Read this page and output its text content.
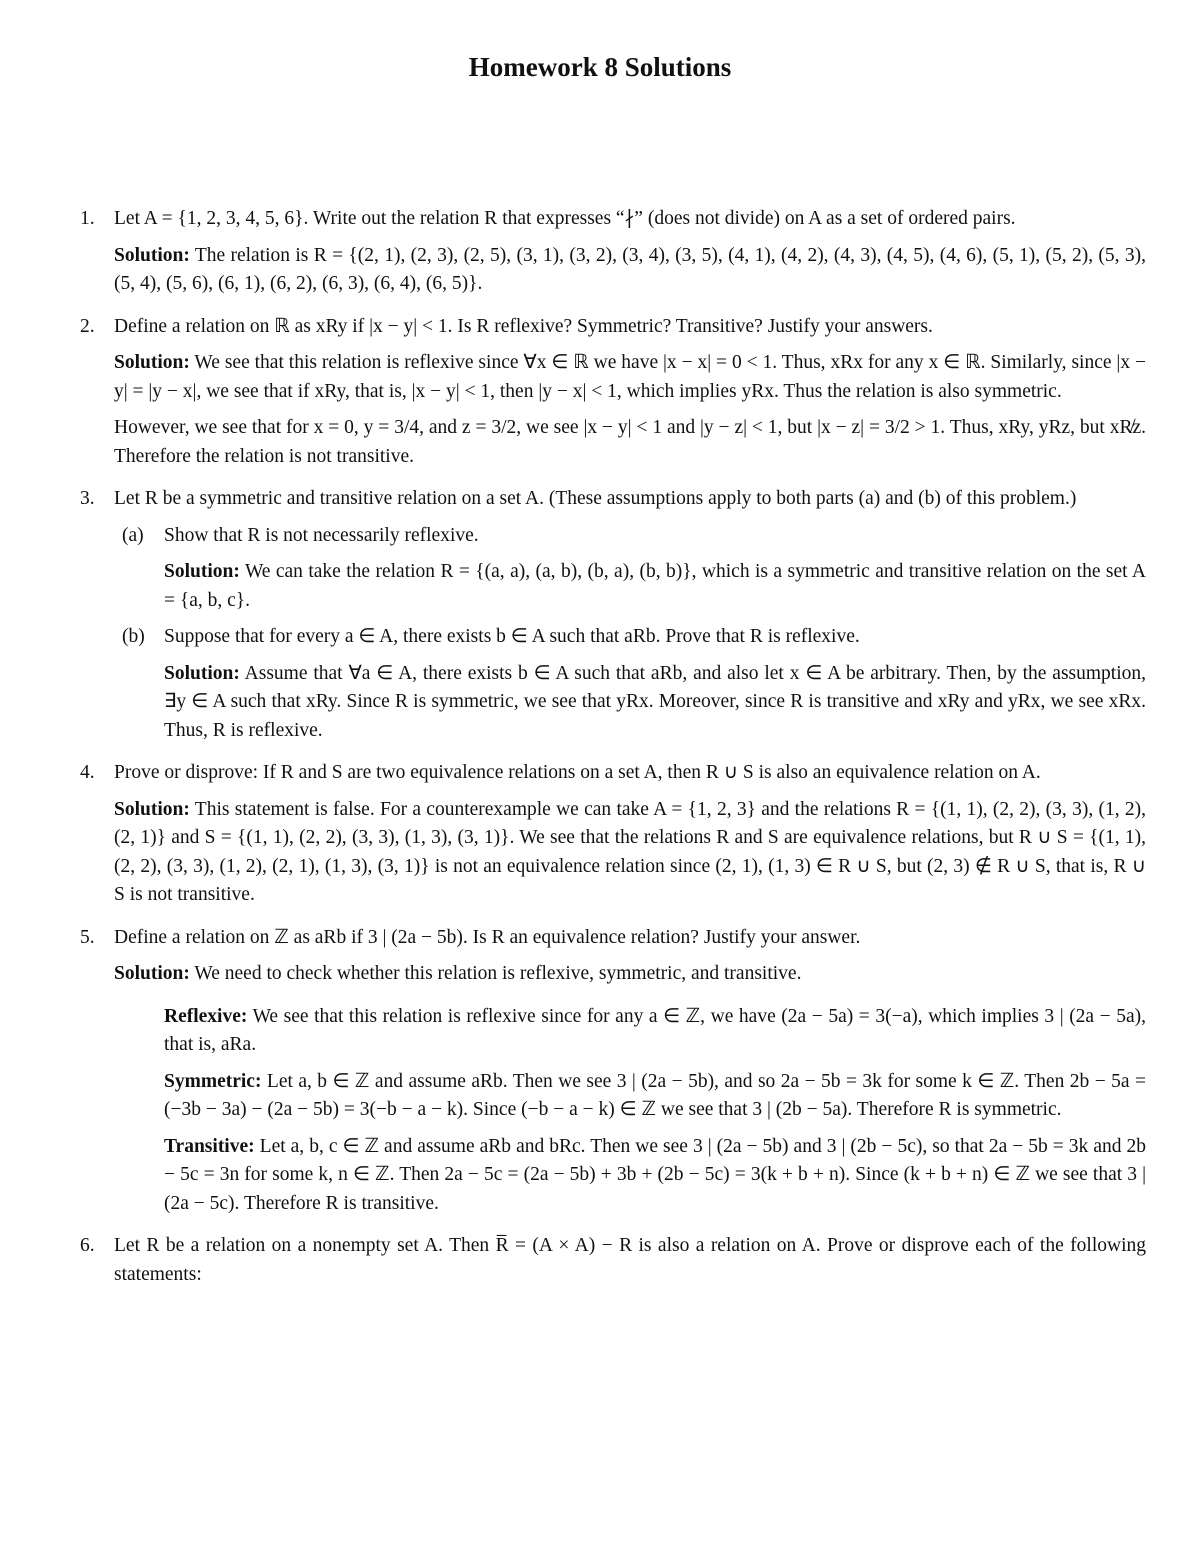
Homework 8 Solutions
1. Let A = {1, 2, 3, 4, 5, 6}. Write out the relation R that expresses “∤” (does not divide) on A as a set of ordered pairs.

Solution: The relation is R = {(2, 1), (2, 3), (2, 5), (3, 1), (3, 2), (3, 4), (3, 5), (4, 1), (4, 2), (4, 3), (4, 5), (4, 6), (5, 1), (5, 2), (5, 3), (5, 4), (5, 6), (6, 1), (6, 2), (6, 3), (6, 4), (6, 5)}.

2. Define a relation on ℝ as xRy if |x − y| < 1. Is R reflexive? Symmetric? Transitive? Justify your answers.

Solution: We see that this relation is reflexive since ∀x ∈ ℝ we have |x − x| = 0 < 1. Thus, xRx for any x ∈ ℝ. Similarly, since |x − y| = |y − x|, we see that if xRy, that is, |x − y| < 1, then |y − x| < 1, which implies yRx. Thus the relation is also symmetric.

However, we see that for x = 0, y = 3/4, and z = 3/2, we see |x − y| < 1 and |y − z| < 1, but |x − z| = 3/2 > 1. Thus, xRy, yRz, but xR̸z. Therefore the relation is not transitive.

3. Let R be a symmetric and transitive relation on a set A. (These assumptions apply to both parts (a) and (b) of this problem.)

(a) Show that R is not necessarily reflexive.

Solution: We can take the relation R = {(a, a), (a, b), (b, a), (b, b)}, which is a symmetric and transitive relation on the set A = {a, b, c}.

(b) Suppose that for every a ∈ A, there exists b ∈ A such that aRb. Prove that R is reflexive.

Solution: Assume that ∀a ∈ A, there exists b ∈ A such that aRb, and also let x ∈ A be arbitrary. Then, by the assumption, ∃y ∈ A such that xRy. Since R is symmetric, we see that yRx. Moreover, since R is transitive and xRy and yRx, we see xRx. Thus, R is reflexive.

4. Prove or disprove: If R and S are two equivalence relations on a set A, then R ∪ S is also an equivalence relation on A.

Solution: This statement is false. For a counterexample we can take A = {1, 2, 3} and the relations R = {(1, 1), (2, 2), (3, 3), (1, 2), (2, 1)} and S = {(1, 1), (2, 2), (3, 3), (1, 3), (3, 1)}. We see that the relations R and S are equivalence relations, but R ∪ S = {(1, 1), (2, 2), (3, 3), (1, 2), (2, 1), (1, 3), (3, 1)} is not an equivalence relation since (2, 1), (1, 3) ∈ R ∪ S, but (2, 3) ∉ R ∪ S, that is, R ∪ S is not transitive.

5. Define a relation on ℤ as aRb if 3 | (2a − 5b). Is R an equivalence relation? Justify your answer.

Solution: We need to check whether this relation is reflexive, symmetric, and transitive.

Reflexive: We see that this relation is reflexive since for any a ∈ ℤ, we have (2a − 5a) = 3(−a), which implies 3 | (2a − 5a), that is, aRa.

Symmetric: Let a, b ∈ ℤ and assume aRb. Then we see 3 | (2a − 5b), and so 2a − 5b = 3k for some k ∈ ℤ. Then 2b − 5a = (−3b − 3a) − (2a − 5b) = 3(−b − a − k). Since (−b − a − k) ∈ ℤ we see that 3 | (2b − 5a). Therefore R is symmetric.

Transitive: Let a, b, c ∈ ℤ and assume aRb and bRc. Then we see 3 | (2a − 5b) and 3 | (2b − 5c), so that 2a − 5b = 3k and 2b − 5c = 3n for some k, n ∈ ℤ. Then 2a − 5c = (2a − 5b) + 3b + (2b − 5c) = 3(k + b + n). Since (k + b + n) ∈ ℤ we see that 3 | (2a − 5c). Therefore R is transitive.

6. Let R be a relation on a nonempty set A. Then R̅ = (A × A) − R is also a relation on A. Prove or disprove each of the following statements:
